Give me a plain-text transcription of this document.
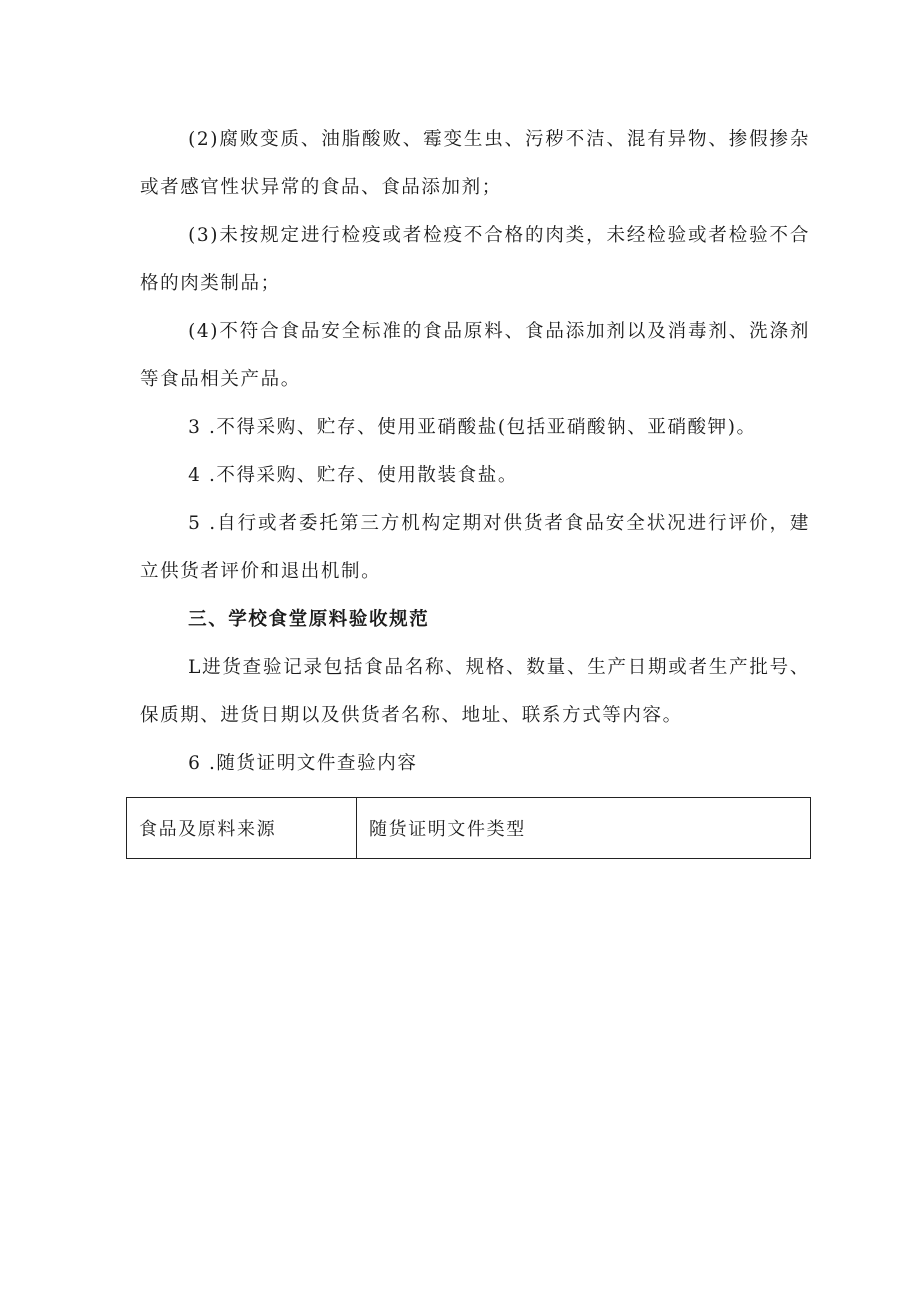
(2)腐败变质、油脂酸败、霉变生虫、污秽不洁、混有异物、掺假掺杂或者感官性状异常的食品、食品添加剂；

(3)未按规定进行检疫或者检疫不合格的肉类，未经检验或者检验不合格的肉类制品；

(4)不符合食品安全标准的食品原料、食品添加剂以及消毒剂、洗涤剂等食品相关产品。

3 .不得采购、贮存、使用亚硝酸盐(包括亚硝酸钠、亚硝酸钾)。

4 .不得采购、贮存、使用散装食盐。

5 .自行或者委托第三方机构定期对供货者食品安全状况进行评价，建立供货者评价和退出机制。

三、学校食堂原料验收规范

L进货查验记录包括食品名称、规格、数量、生产日期或者生产批号、保质期、进货日期以及供货者名称、地址、联系方式等内容。

6 .随货证明文件查验内容

食品及原料来源	随货证明文件类型
